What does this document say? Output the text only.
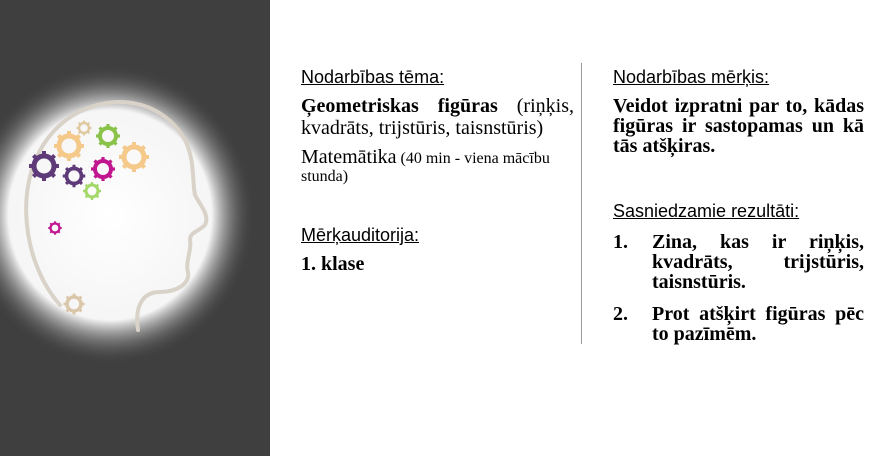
Nodarbības tēma:

Ģeometriskas figūras (riņķis, kvadrāts, trijstūris, taisnstūris)

Matemātika (40 min - viena mācību stunda)

Mērķauditorija:

1. klase

Nodarbības mērķis:

Veidot izpratni par to, kādas figūras ir sastopamas un kā tās atšķiras.

Sasniedzamie rezultāti:

1.	Zina, kas ir riņķis, kvadrāts, trijstūris, taisnstūris.
2.	Prot atšķirt figūras pēc to pazīmēm.
